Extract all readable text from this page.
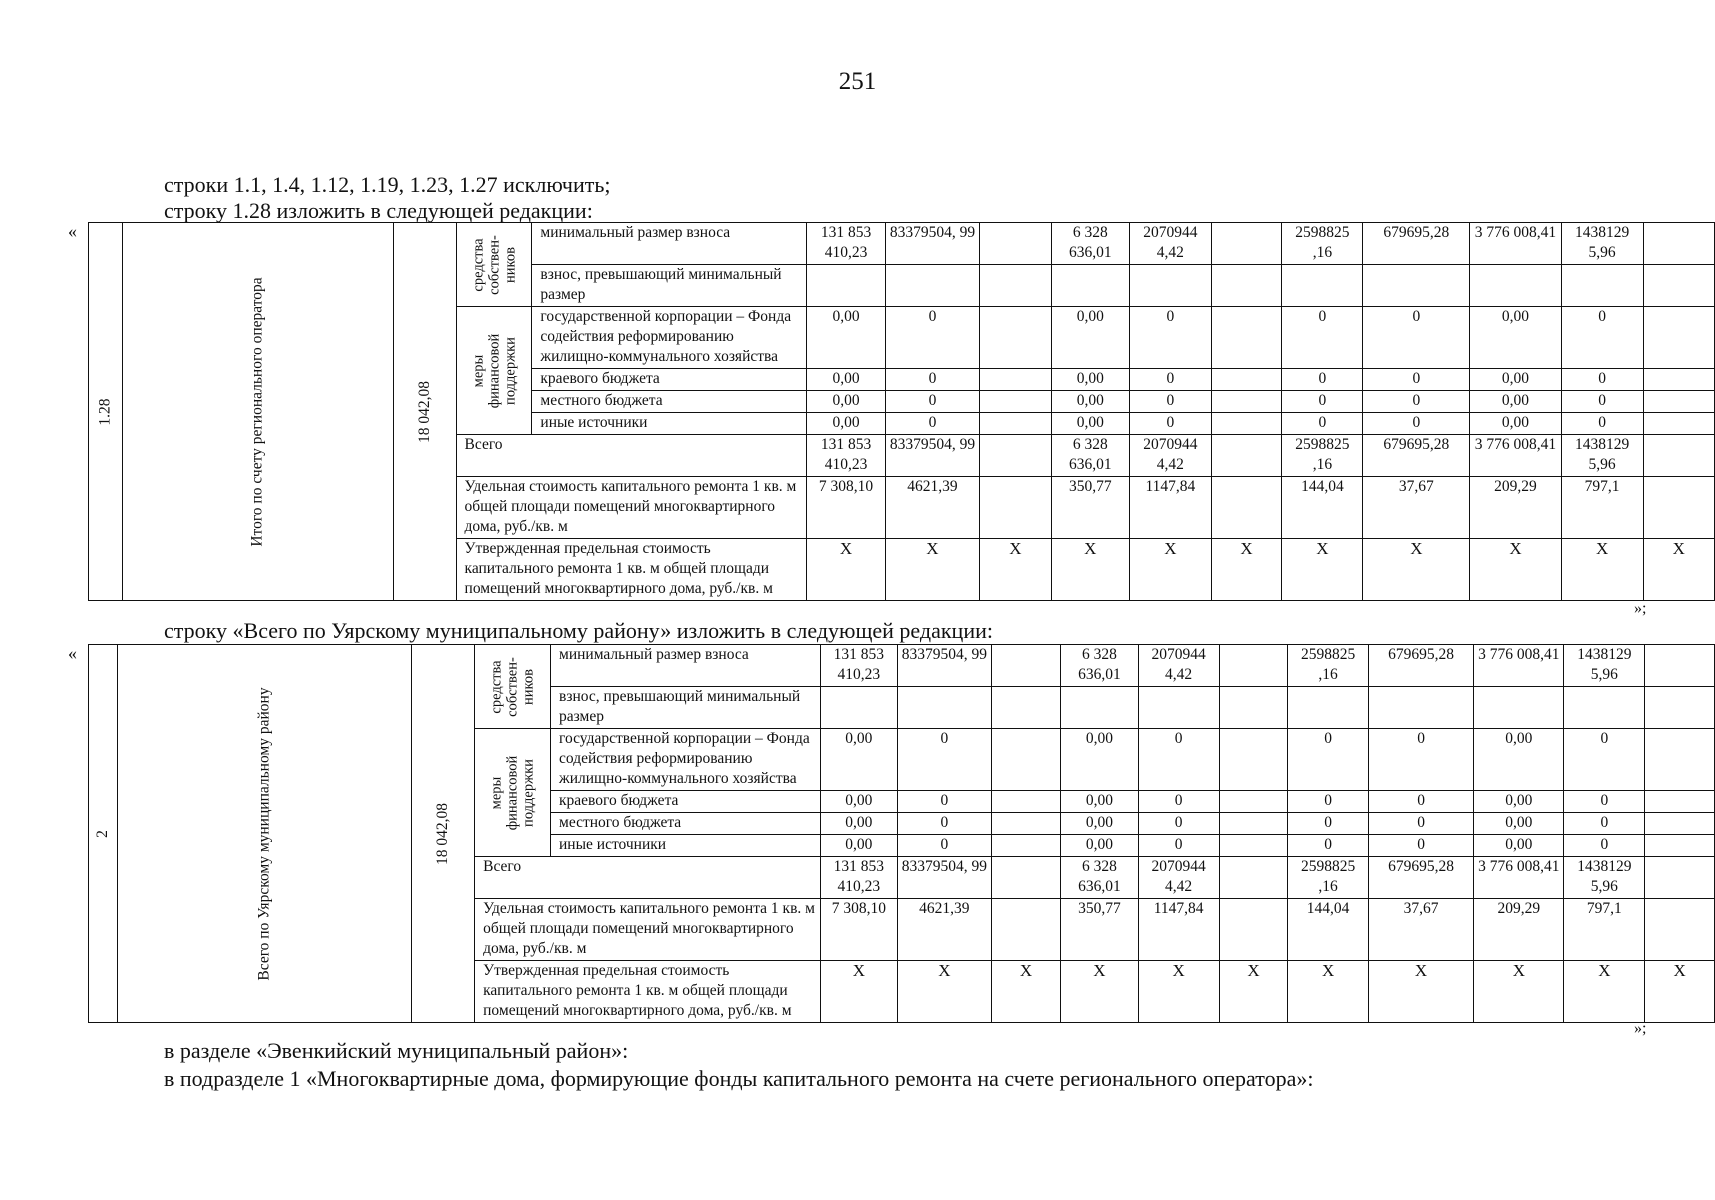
251
строки 1.1, 1.4, 1.12, 1.19, 1.23, 1.27 исключить;
строку 1.28 изложить в следующей редакции:
«
1.28	Итого по счету регионального оператора	18 042,08	средства собствен-ников	минимальный размер взноса	131 853 410,23	83379504, 99		6 328 636,01	2070944 4,42		2598825 ,16	679695,28	3 776 008,41	1438129 5,96	
				взнос, превышающий минимальный размер											

			меры финансовой поддержки	государственной корпорации – Фонда содействия реформированию жилищно-коммунального хозяйства	0,00	0		0,00	0		0	0	0,00	0	
				краевого бюджета	0,00	0		0,00	0		0	0	0,00	0	
				местного бюджета	0,00	0		0,00	0		0	0	0,00	0	
				иные источники	0,00	0		0,00	0		0	0	0,00	0	
			Всего		131 853 410,23	83379504, 99		6 328 636,01	2070944 4,42		2598825 ,16	679695,28	3 776 008,41	1438129 5,96	
			Удельная стоимость капитального ремонта 1 кв. м общей площади помещений многоквартирного дома, руб./кв. м		7 308,10	4621,39		350,77	1147,84		144,04	37,67	209,29	797,1	
			Утвержденная предельная стоимость капитального ремонта 1 кв. м общей площади помещений многоквартирного дома, руб./кв. м		X	X	X	X	X	X	X	X	X	X	X
»;
строку «Всего по Уярскому муниципальному району» изложить в следующей редакции:
«
2	Всего по Уярскому муниципальному району	18 042,08	средства собствен-ников	минимальный размер взноса	131 853 410,23	83379504, 99		6 328 636,01	2070944 4,42		2598825 ,16	679695,28	3 776 008,41	1438129 5,96	
				взнос, превышающий минимальный размер											

			меры финансовой поддержки	государственной корпорации – Фонда содействия реформированию жилищно-коммунального хозяйства	0,00	0		0,00	0		0	0	0,00	0	
				краевого бюджета	0,00	0		0,00	0		0	0	0,00	0	
				местного бюджета	0,00	0		0,00	0		0	0	0,00	0	
				иные источники	0,00	0		0,00	0		0	0	0,00	0	
			Всего		131 853 410,23	83379504, 99		6 328 636,01	2070944 4,42		2598825 ,16	679695,28	3 776 008,41	1438129 5,96	
			Удельная стоимость капитального ремонта 1 кв. м общей площади помещений многоквартирного дома, руб./кв. м		7 308,10	4621,39		350,77	1147,84		144,04	37,67	209,29	797,1	
			Утвержденная предельная стоимость капитального ремонта 1 кв. м общей площади помещений многоквартирного дома, руб./кв. м		X	X	X	X	X	X	X	X	X	X	X
»;
в разделе «Эвенкийский муниципальный район»:
в подразделе 1 «Многоквартирные дома, формирующие фонды капитального ремонта на счете регионального оператора»:
